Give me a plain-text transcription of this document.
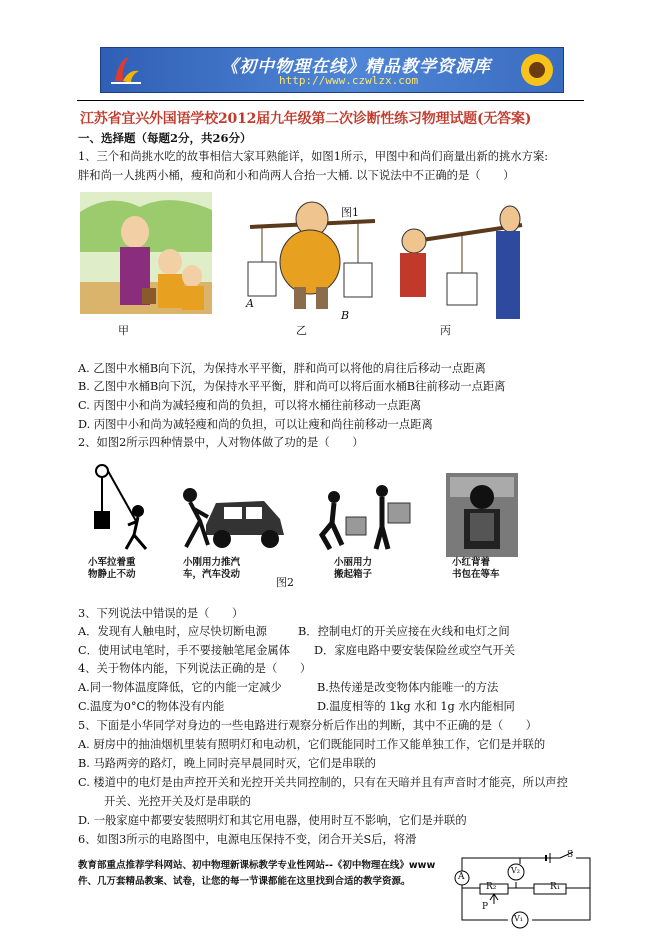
《初中物理在线》精品教学资源库
http://www.czwlzx.com
江苏省宜兴外国语学校2012届九年级第二次诊断性练习物理试题(无答案)
一、选择题（每题2分，共26分）
1、三个和尚挑水吃的故事相信大家耳熟能详，如图1所示，甲图中和尚们商量出新的挑水方案:
胖和尚一人挑两小桶，瘦和尚和小和尚两人合抬一大桶. 以下说法中不正确的是（　　）
甲
图1
A
B
乙	丙
A. 乙图中水桶B向下沉，为保持水平平衡，胖和尚可以将他的肩往后移动一点距离
B. 乙图中水桶B向下沉，为保持水平平衡，胖和尚可以将后面水桶B往前移动一点距离
C. 丙图中小和尚为减轻瘦和尚的负担，可以将水桶往前移动一点距离
D. 丙图中小和尚为减轻瘦和尚的负担，可以让瘦和尚往前移动一点距离
2、如图2所示四种情景中，人对物体做了功的是（　　）
小军拉着重
物静止不动
小刚用力推汽
车，汽车没动
图2
小丽用力
搬起箱子
小红背着
书包在等车
3、下列说法中错误的是（　　）
A．发现有人触电时，应尽快切断电源	B．控制电灯的开关应接在火线和电灯之间
C．使用试电笔时，手不要接触笔尾金属体 D．家庭电路中要安装保险丝或空气开关
4、关于物体内能，下列说法正确的是（　　）
A.同一物体温度降低，它的内能一定减少	B.热传递是改变物体内能唯一的方法
C.温度为0°C的物体没有内能	D.温度相等的 1kg 水和 1g 水内能相同
5、下面是小华同学对身边的一些电路进行观察分析后作出的判断，其中不正确的是（　　）
A. 厨房中的抽油烟机里装有照明灯和电动机，它们既能同时工作又能单独工作，它们是并联的
B. 马路两旁的路灯，晚上同时亮早晨同时灭，它们是串联的
C. 楼道中的电灯是由声控开关和光控开关共同控制的，只有在天暗并且有声音时才能亮，所以声控
开关、光控开关及灯是串联的
D. 一般家庭中都要安装照明灯和其它用电器，使用时互不影响，它们是并联的
6、如图3所示的电路图中，电源电压保持不变，闭合开关S后，将滑
教育部重点推荐学科网站、初中物理新课标教学专业性网站--《初中物理在线》www
件、几万套精品教案、试卷，让您的每一节课都能在这里找到合适的教学资源。	A
V₂
S
R₂	R₁
P
V₁
